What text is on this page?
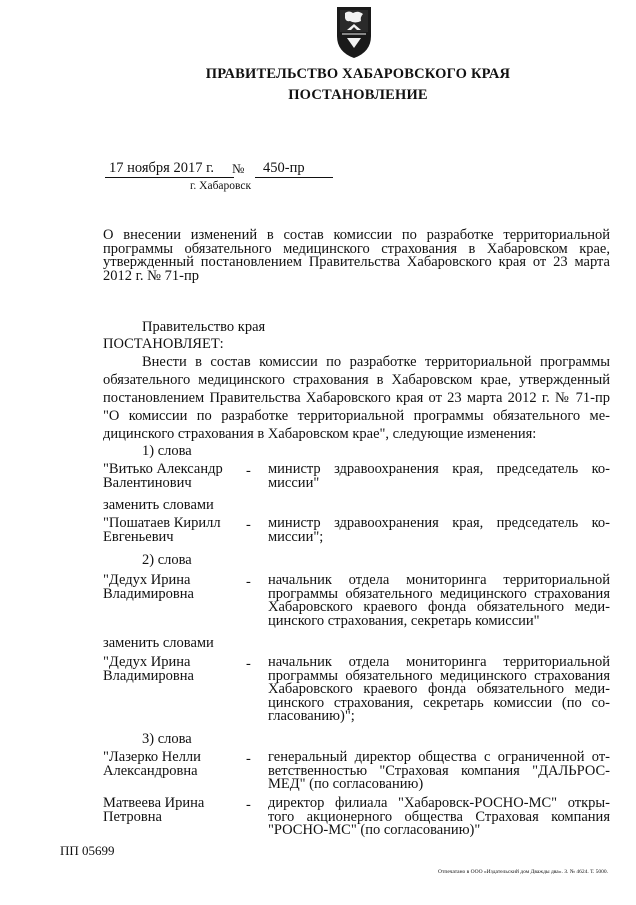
ПРАВИТЕЛЬСТВО ХАБАРОВСКОГО КРАЯ
ПОСТАНОВЛЕНИЕ
17 ноября 2017 г.	№	450-пр
г. Хабаровск

О внесении изменений в состав комиссии по разработке территориальной

программы обязательного медицинского страхования в Хабаровском крае,

утвержденный постановлением Правительства Хабаровского края от 23 марта

2012 г. № 71-пр

Правительство края
ПОСТАНОВЛЯЕТ:

Внести в состав комиссии по разработке территориальной программы

обязательного медицинского страхования в Хабаровском крае, утвержденный

постановлением Правительства Хабаровского края от 23 марта 2012 г. № 71-пр

"О комиссии по разработке территориальной программы обязательного ме-

дицинского страхования в Хабаровском крае", следующие изменения:

1) слова
"Витько Александр
Валентинович
- министр здравоохранения края, председатель ко-

миссии"

заменить словами
"Пошатаев Кирилл
Евгеньевич
- министр здравоохранения края, председатель ко-

миссии";

2) слова
"Дедух Ирина
Владимировна
- начальник отдела мониторинга территориальной

программы обязательного медицинского страхования

Хабаровского краевого фонда обязательного меди-

цинского страхования, секретарь комиссии"

заменить словами
"Дедух Ирина
Владимировна
- начальник отдела мониторинга территориальной

программы обязательного медицинского страхования

Хабаровского краевого фонда обязательного меди-

цинского страхования, секретарь комиссии (по со-

гласованию)";

3) слова
"Лазерко Нелли
Александровна
- генеральный директор общества с ограниченной от-

ветственностью "Страховая компания "ДАЛЬРОС-

МЕД" (по согласованию)

Матвеева Ирина
Петровна
- директор филиала "Хабаровск-РОСНО-МС" откры-

того акционерного общества Страховая компания

"РОСНО-МС" (по согласованию)"

ПП 05699
Отпечатано в ООО «Издательский дом Дважды два». З. № 4624. Т. 5000.
